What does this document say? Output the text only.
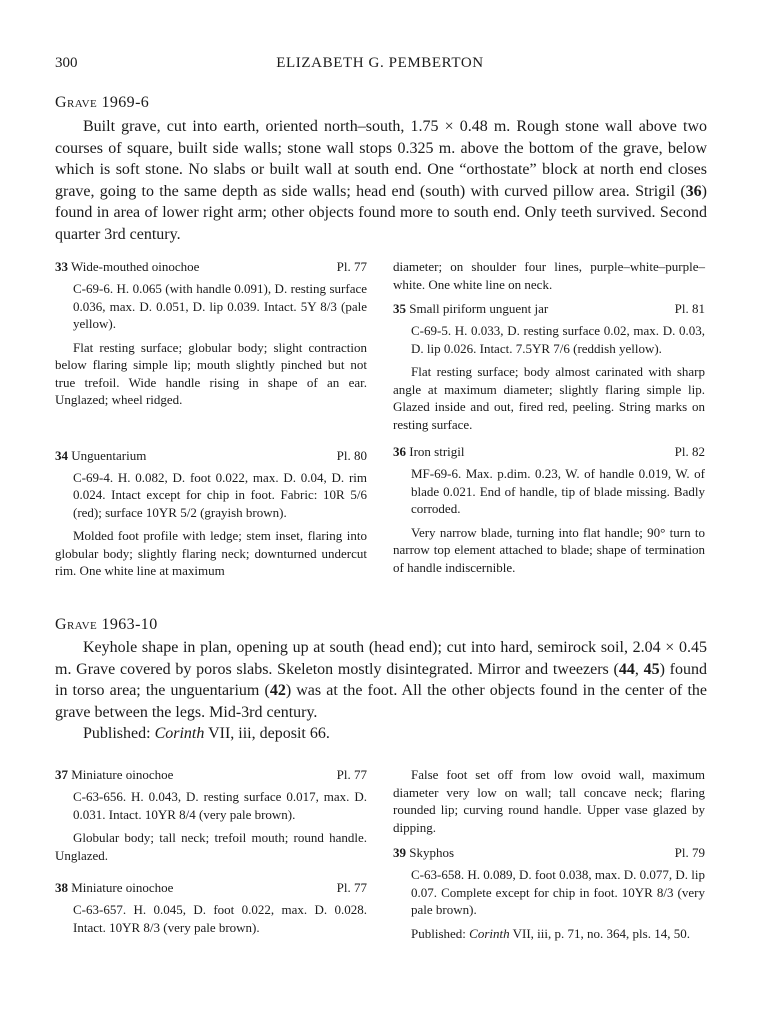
300	ELIZABETH G. PEMBERTON
Grave 1969-6
Built grave, cut into earth, oriented north–south, 1.75 × 0.48 m. Rough stone wall above two courses of square, built side walls; stone wall stops 0.325 m. above the bottom of the grave, below which is soft stone. No slabs or built wall at south end. One “orthostate” block at north end closes grave, going to the same depth as side walls; head end (south) with curved pillow area. Strigil (36) found in area of lower right arm; other objects found more to south end. Only teeth survived. Second quarter 3rd century.
33 Wide-mouthed oinochoe	Pl. 77

C-69-6. H. 0.065 (with handle 0.091), D. resting surface 0.036, max. D. 0.051, D. lip 0.039. Intact. 5Y 8/3 (pale yellow).

Flat resting surface; globular body; slight contraction below flaring simple lip; mouth slightly pinched but not true trefoil. Wide handle rising in shape of an ear. Unglazed; wheel ridged.

34 Unguentarium	Pl. 80

C-69-4. H. 0.082, D. foot 0.022, max. D. 0.04, D. rim 0.024. Intact except for chip in foot. Fabric: 10R 5/6 (red); surface 10YR 5/2 (grayish brown).

Molded foot profile with ledge; stem inset, flaring into globular body; slightly flaring neck; downturned undercut rim. One white line at maximum

diameter; on shoulder four lines, purple–white–purple–white. One white line on neck.

35 Small piriform unguent jar	Pl. 81

C-69-5. H. 0.033, D. resting surface 0.02, max. D. 0.03, D. lip 0.026. Intact. 7.5YR 7/6 (reddish yellow).

Flat resting surface; body almost carinated with sharp angle at maximum diameter; slightly flaring simple lip. Glazed inside and out, fired red, peeling. String marks on resting surface.

36 Iron strigil	Pl. 82

MF-69-6. Max. p.dim. 0.23, W. of handle 0.019, W. of blade 0.021. End of handle, tip of blade missing. Badly corroded.

Very narrow blade, turning into flat handle; 90° turn to narrow top element attached to blade; shape of termination of handle indiscernible.

Grave 1963-10
Keyhole shape in plan, opening up at south (head end); cut into hard, semirock soil, 2.04 × 0.45 m. Grave covered by poros slabs. Skeleton mostly disintegrated. Mirror and tweezers (44, 45) found in torso area; the unguentarium (42) was at the foot. All the other objects found in the center of the grave between the legs. Mid-3rd century.
Published: Corinth VII, iii, deposit 66.
37 Miniature oinochoe	Pl. 77

C-63-656. H. 0.043, D. resting surface 0.017, max. D. 0.031. Intact. 10YR 8/4 (very pale brown).

Globular body; tall neck; trefoil mouth; round handle. Unglazed.

38 Miniature oinochoe	Pl. 77

C-63-657. H. 0.045, D. foot 0.022, max. D. 0.028. Intact. 10YR 8/3 (very pale brown).

False foot set off from low ovoid wall, maximum diameter very low on wall; tall concave neck; flaring rounded lip; curving round handle. Upper vase glazed by dipping.

39 Skyphos	Pl. 79

C-63-658. H. 0.089, D. foot 0.038, max. D. 0.077, D. lip 0.07. Complete except for chip in foot. 10YR 8/3 (very pale brown).

Published: Corinth VII, iii, p. 71, no. 364, pls. 14, 50.
